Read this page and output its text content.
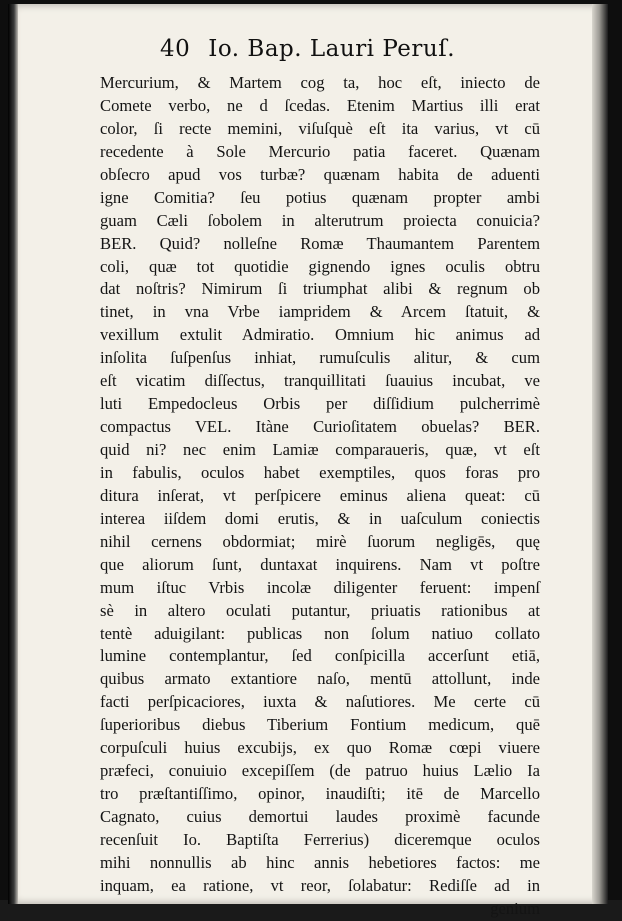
40 Io. Bap. Lauri Peruſ.
Mercurium, & Martem cog ta, hoc eſt, iniecto de
Comete verbo, ne d ſcedas. Etenim Martius illi erat
color, ſi recte memini, viſuſquè eſt ita varius, vt cū
recedente à Sole Mercurio patia faceret. Quænam
obſecro apud vos turbæ? quænam habita de aduenti
igne Comitia? ſeu potius quænam propter ambi
guam Cæli ſobolem in alterutrum proiecta conuicia?
BER. Quid? nolleſne Romæ Thaumantem Parentem
coli, quæ tot quotidie gignendo ignes oculis obtru
dat noſtris? Nimirum ſi triumphat alibi & regnum ob
tinet, in vna Vrbe iampridem & Arcem ſtatuit, &
vexillum extulit Admiratio. Omnium hic animus ad
inſolita ſuſpenſus inhiat, rumuſculis alitur, & cum
eſt vicatim diſſectus, tranquillitati ſuauius incubat, ve
luti Empedocleus Orbis per diſſidium pulcherrimè
compactus VEL. Itàne Curioſitatem obuelas? BER.
quid ni? nec enim Lamiæ comparaueris, quæ, vt eſt
in fabulis, oculos habet exemptiles, quos foras pro
ditura inſerat, vt perſpicere eminus aliena queat: cū
interea iiſdem domi erutis, & in uaſculum coniectis
nihil cernens obdormiat; mirè ſuorum negligēs, quę
que aliorum ſunt, duntaxat inquirens. Nam vt poſtre
mum iſtuc Vrbis incolæ diligenter feruent: impenſ
sè in altero oculati putantur, priuatis rationibus at
tentè aduigilant: publicas non ſolum natiuo collato
lumine contemplantur, ſed conſpicilla accerſunt etiā,
quibus armato extantiore naſo, mentū attollunt, inde
facti perſpicaciores, iuxta & naſutiores. Me certe cū
ſuperioribus diebus Tiberium Fontium medicum, quē
corpuſculi huius excubijs, ex quo Romæ cœpi viuere
præfeci, conuiuio excepiſſem (de patruo huius Lælio Ia
tro præſtantiſſimo, opinor, inaudiſti; itē de Marcello
Cagnato, cuius demortui laudes proximè facunde
recenſuit Io. Baptiſta Ferrerius) diceremque oculos
mihi nonnullis ab hinc annis hebetiores factos: me
inquam, ea ratione, vt reor, ſolabatur: Rediſſe ad in
genium
